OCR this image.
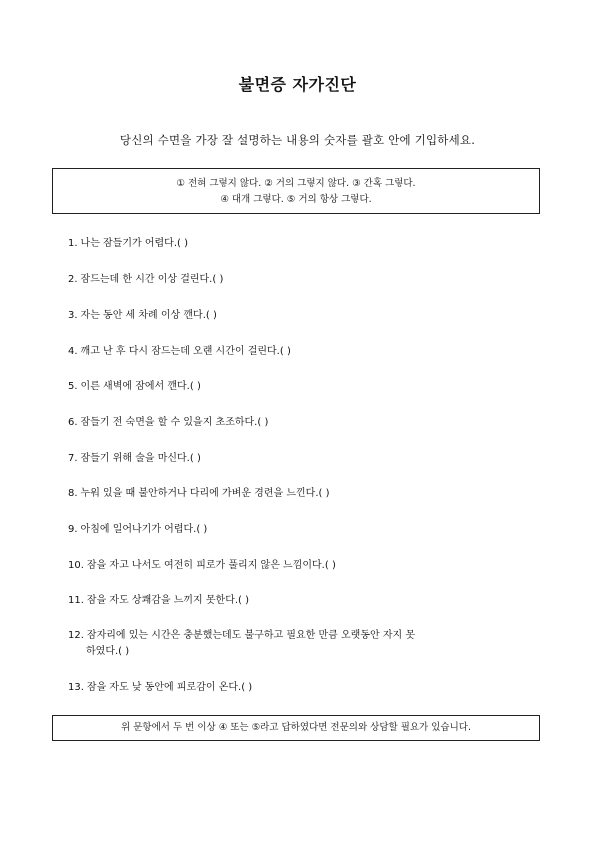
불면증 자가진단
당신의 수면을 가장 잘 설명하는 내용의 숫자를 괄호 안에 기입하세요.
① 전혀 그렇지 않다. ② 거의 그렇지 않다. ③ 간혹 그렇다.
④ 대개 그렇다. ⑤ 거의 항상 그렇다.
1. 나는 잠들기가 어렵다.( )
2. 잠드는데 한 시간 이상 걸린다.( )
3. 자는 동안 세 차례 이상 깬다.( )
4. 깨고 난 후 다시 잠드는데 오랜 시간이 걸린다.( )
5. 이른 새벽에 잠에서 깬다.( )
6. 잠들기 전 숙면을 할 수 있을지 초조하다.( )
7. 잠들기 위해 술을 마신다.( )
8. 누워 있을 때 불안하거나 다리에 가벼운 경련을 느낀다.( )
9. 아침에 일어나기가 어렵다.( )
10. 잠을 자고 나서도 여전히 피로가 풀리지 않은 느낌이다.( )
11. 잠을 자도 상쾌감을 느끼지 못한다.( )
12. 잠자리에 있는 시간은 충분했는데도 불구하고 필요한 만큼 오랫동안 자지 못
하였다.( )
13. 잠을 자도 낮 동안에 피로감이 온다.( )
위 문항에서 두 번 이상 ④ 또는 ⑤라고 답하였다면 전문의와 상담할 필요가 있습니다.
